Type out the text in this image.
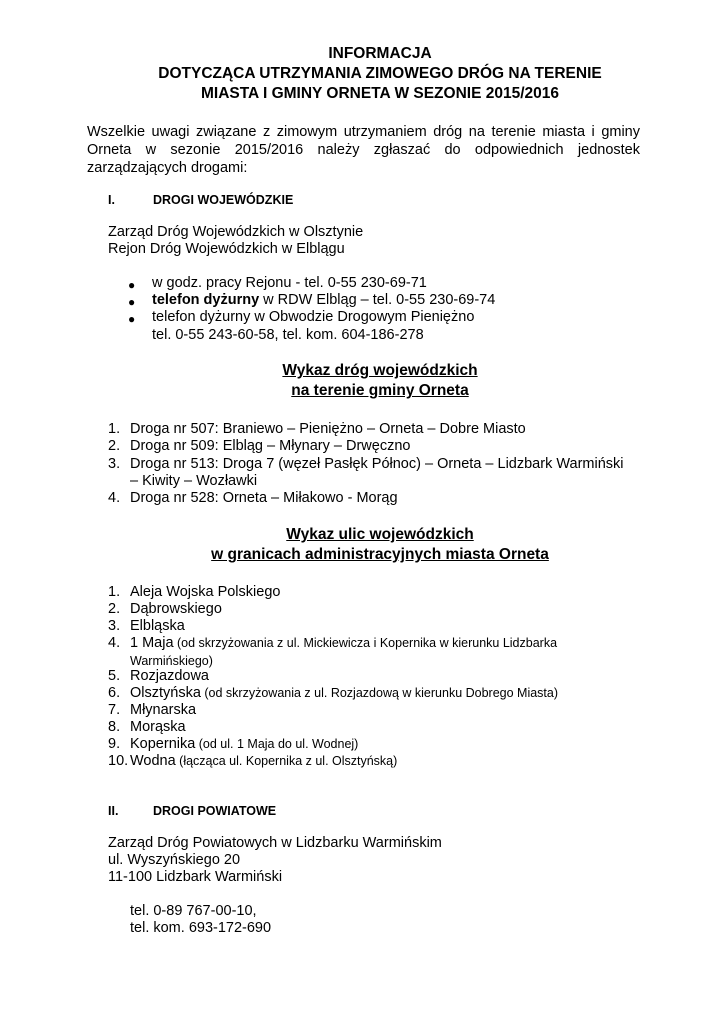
INFORMACJA
DOTYCZĄCA UTRZYMANIA ZIMOWEGO DRÓG NA TERENIE
MIASTA I GMINY ORNETA W SEZONIE 2015/2016
Wszelkie uwagi związane z zimowym utrzymaniem dróg na terenie miasta i gminy Orneta w sezonie 2015/2016 należy zgłaszać do odpowiednich jednostek zarządzających drogami:
I.	DROGI WOJEWÓDZKIE
Zarząd Dróg Wojewódzkich w Olsztynie
Rejon Dróg Wojewódzkich w Elblągu
● w godz. pracy Rejonu - tel. 0-55 230-69-71
● telefon dyżurny w RDW Elbląg – tel. 0-55 230-69-74
● telefon dyżurny w Obwodzie Drogowym Pieniężno
tel. 0-55 243-60-58, tel. kom. 604-186-278
Wykaz dróg wojewódzkich
na terenie gminy Orneta
1. Droga nr 507: Braniewo – Pieniężno – Orneta – Dobre Miasto
2. Droga nr 509: Elbląg – Młynary – Drwęczno
3. Droga nr 513: Droga 7 (węzeł Pasłęk Północ) – Orneta – Lidzbark Warmiński
– Kiwity – Wozławki
4. Droga nr 528: Orneta – Miłakowo - Morąg
Wykaz ulic wojewódzkich
w granicach administracyjnych miasta Orneta
1. Aleja Wojska Polskiego
2. Dąbrowskiego
3. Elbląska
4. 1 Maja (od skrzyżowania z ul. Mickiewicza i Kopernika w kierunku Lidzbarka
Warmińskiego)
5. Rozjazdowa
6. Olsztyńska (od skrzyżowania z ul. Rozjazdową w kierunku Dobrego Miasta)
7. Młynarska
8. Morąska
9. Kopernika (od ul. 1 Maja do ul. Wodnej)
10. Wodna (łącząca ul. Kopernika z ul. Olsztyńską)
II.	DROGI POWIATOWE
Zarząd Dróg Powiatowych w Lidzbarku Warmińskim
ul. Wyszyńskiego 20
11-100 Lidzbark Warmiński
tel. 0-89 767-00-10,
tel. kom. 693-172-690
